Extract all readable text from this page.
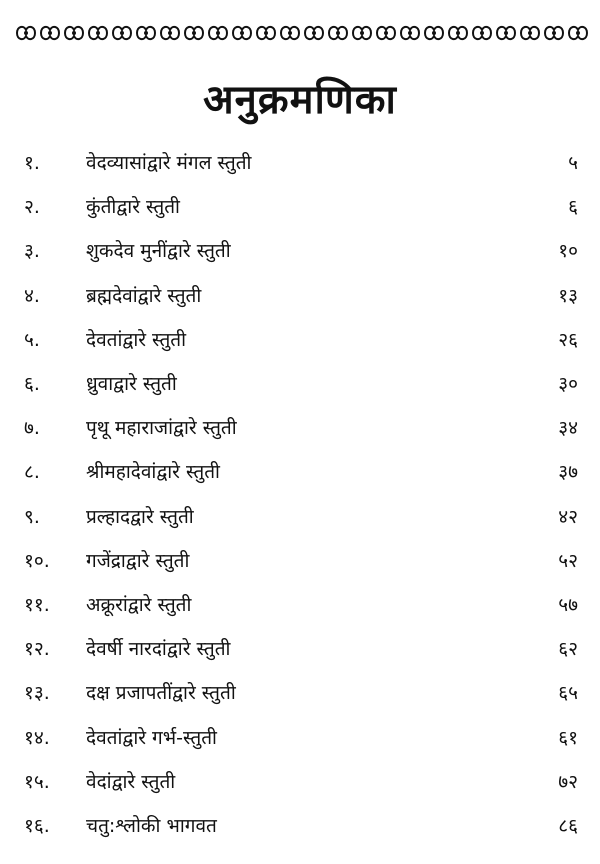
अनुक्रमणिका
१.	वेदव्यासांद्वारे मंगल स्तुती	५
२.	कुंतीद्वारे स्तुती	६
३.	शुकदेव मुनींद्वारे स्तुती	१०
४.	ब्रह्मदेवांद्वारे स्तुती	१३
५.	देवतांद्वारे स्तुती	२६
६.	ध्रुवाद्वारे स्तुती	३०
७.	पृथू महाराजांद्वारे स्तुती	३४
८.	श्रीमहादेवांद्वारे स्तुती	३७
९.	प्रल्हादद्वारे स्तुती	४२
१०.	गजेंद्राद्वारे स्तुती	५२
११.	अक्रूरांद्वारे स्तुती	५७
१२.	देवर्षी नारदांद्वारे स्तुती	६२
१३.	दक्ष प्रजापतींद्वारे स्तुती	६५
१४.	देवतांद्वारे गर्भ-स्तुती	६१
१५.	वेदांद्वारे स्तुती	७२
१६.	चतु:श्लोकी भागवत	८६
